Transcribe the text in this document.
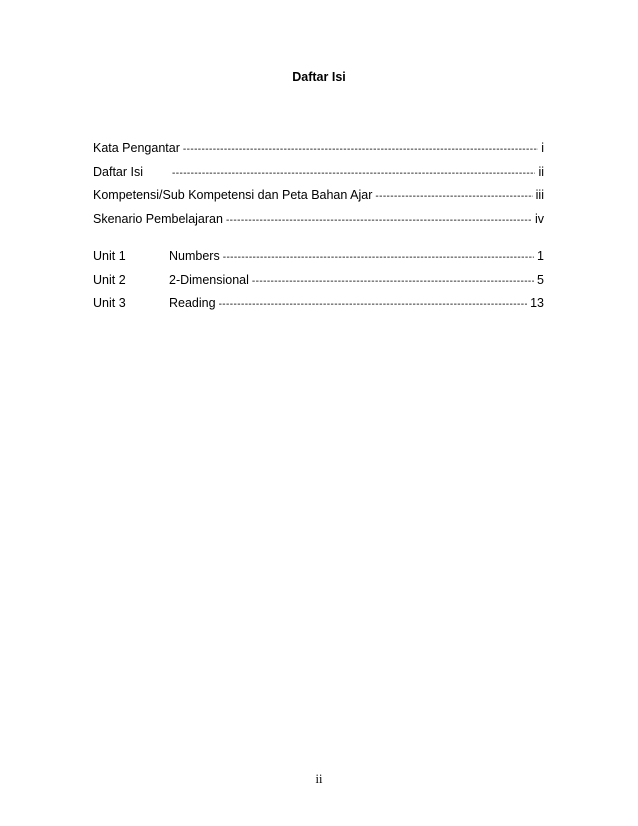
Daftar Isi
Kata Pengantar -----	i
Daftar Isi -----	ii
Kompetensi/Sub Kompetensi dan Peta Bahan Ajar -----	iii
Skenario Pembelajaran -----	iv
Unit 1	Numbers -----	1
Unit 2	2-Dimensional -----	5
Unit 3	Reading -----	13
ii
